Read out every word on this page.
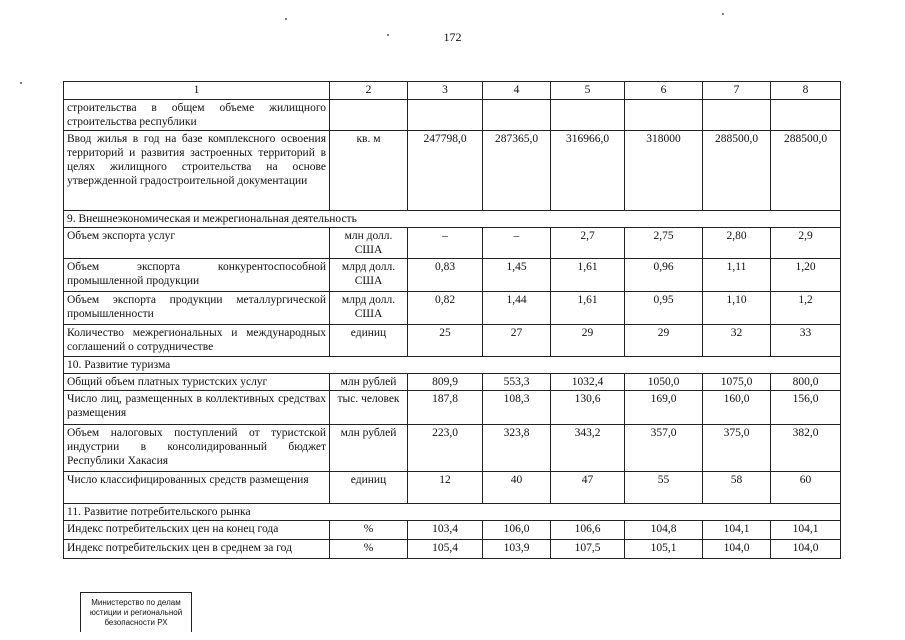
172
1	2	3	4	5	6	7	8
строительства в общем объеме жилищного строительства республики							
Ввод жилья в год на базе комплексного освоения территорий и развития застроенных территорий в целях жилищного строительства на основе утвержденной градостроительной документации	кв. м	247798,0	287365,0	316966,0	318000	288500,0	288500,0
9. Внешнеэкономическая и межрегиональная деятельность							
Объем экспорта услуг	млн долл. США	–	–	2,7	2,75	2,80	2,9
Объем экспорта конкурентоспособной промышленной продукции	млрд долл. США	0,83	1,45	1,61	0,96	1,11	1,20
Объем экспорта продукции металлургической промышленности	млрд долл. США	0,82	1,44	1,61	0,95	1,10	1,2
Количество межрегиональных и международных соглашений о сотрудничестве	единиц	25	27	29	29	32	33
10. Развитие туризма							
Общий объем платных туристских услуг	млн рублей	809,9	553,3	1032,4	1050,0	1075,0	800,0
Число лиц, размещенных в коллективных средствах размещения	тыс. человек	187,8	108,3	130,6	169,0	160,0	156,0
Объем налоговых поступлений от туристской индустрии в консолидированный бюджет Республики Хакасия	млн рублей	223,0	323,8	343,2	357,0	375,0	382,0
Число классифицированных средств размещения	единиц	12	40	47	55	58	60
11. Развитие потребительского рынка							
Индекс потребительских цен на конец года	%	103,4	106,0	106,6	104,8	104,1	104,1
Индекс потребительских цен в среднем за год	%	105,4	103,9	107,5	105,1	104,0	104,0
Министерство по делам
юстиции и региональной
безопасности РХ
